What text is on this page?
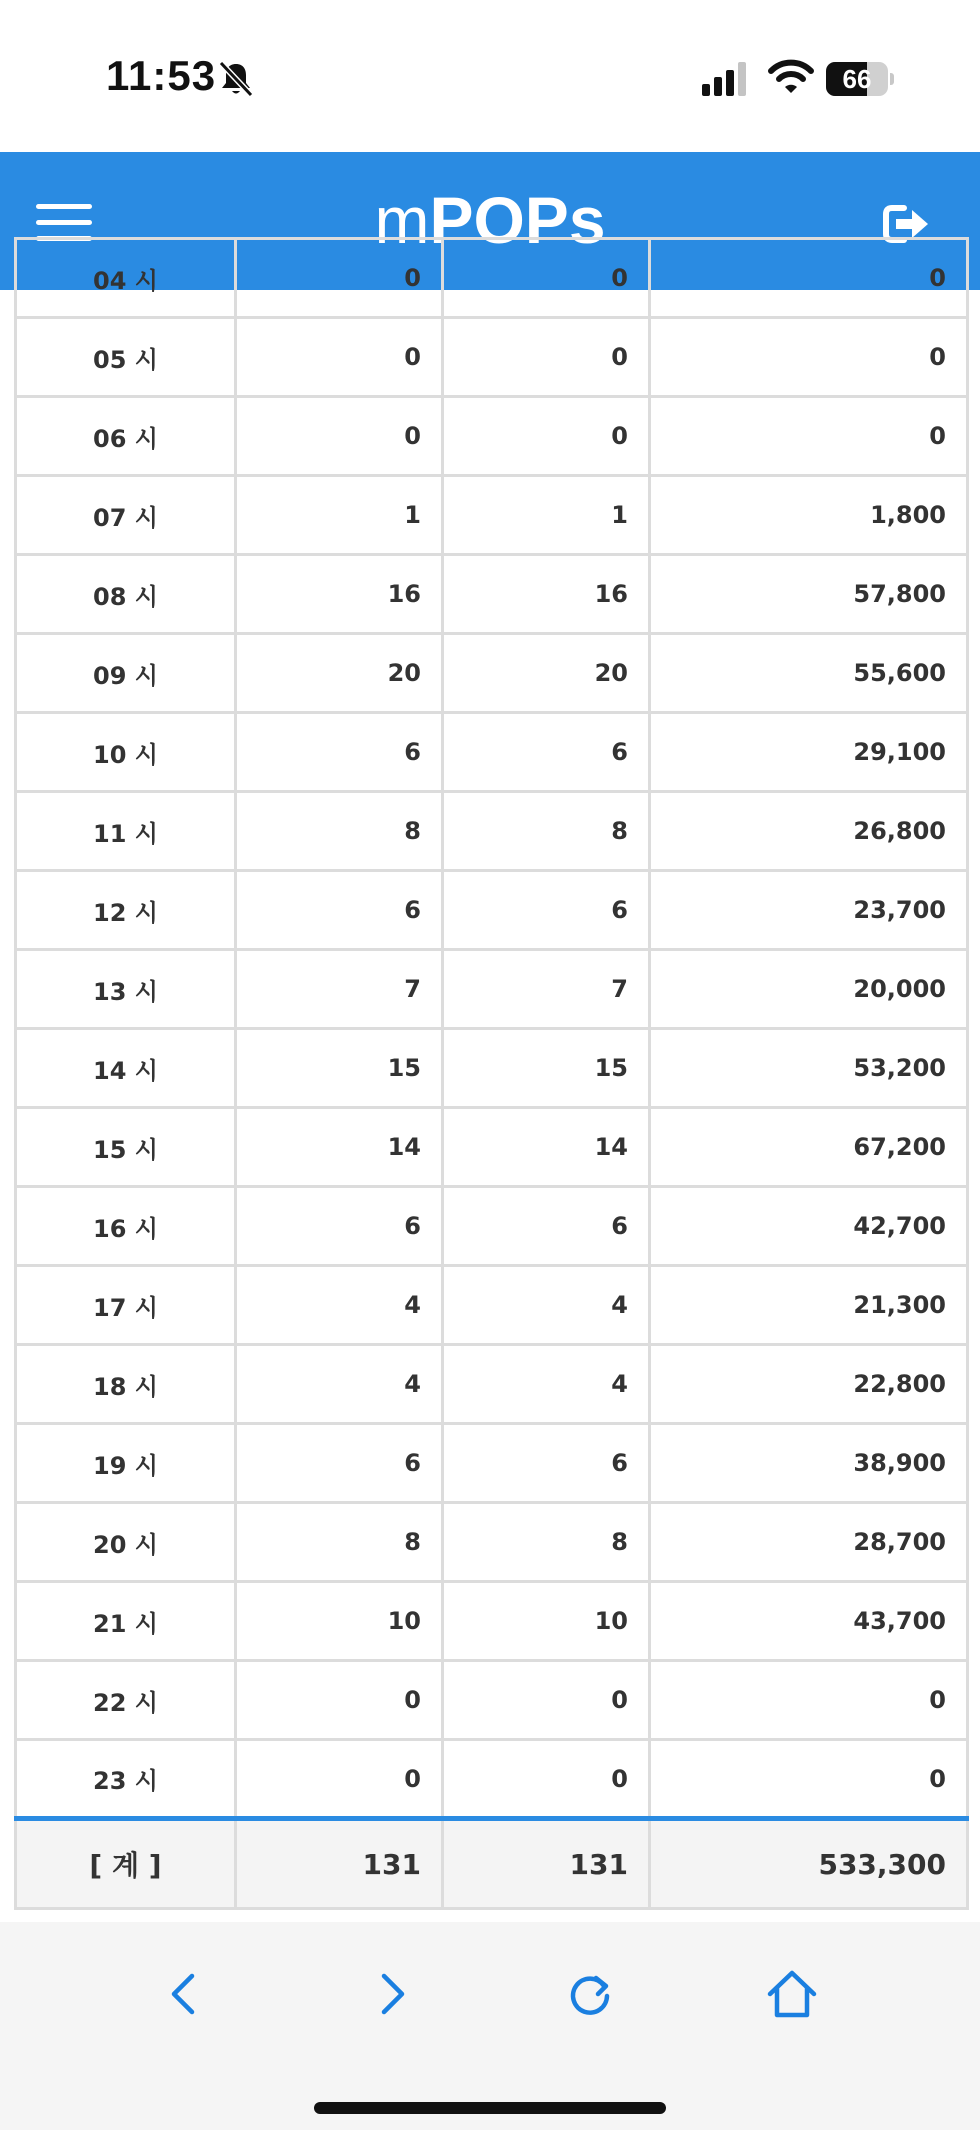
11:53	66
mPOPs
04 시	0	0	0
05 시	0	0	0
06 시	0	0	0
07 시	1	1	1,800
08 시	16	16	57,800
09 시	20	20	55,600
10 시	6	6	29,100
11 시	8	8	26,800
12 시	6	6	23,700
13 시	7	7	20,000
14 시	15	15	53,200
15 시	14	14	67,200
16 시	6	6	42,700
17 시	4	4	21,300
18 시	4	4	22,800
19 시	6	6	38,900
20 시	8	8	28,700
21 시	10	10	43,700
22 시	0	0	0
23 시	0	0	0
[ 계 ]	131	131	533,300
